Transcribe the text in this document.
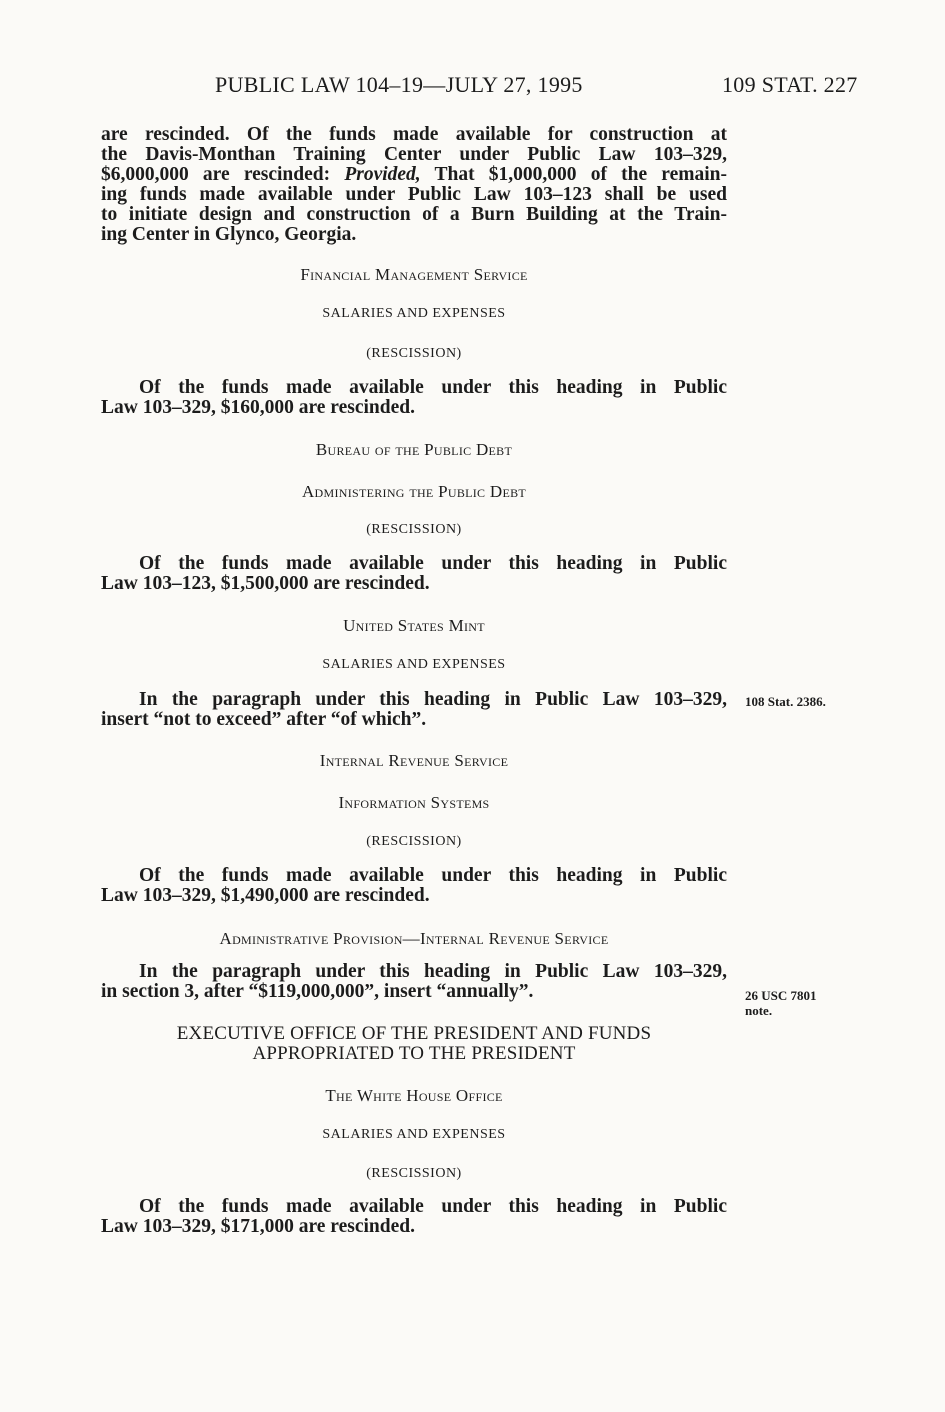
PUBLIC LAW 104–19—JULY 27, 1995	109 STAT. 227

are rescinded. Of the funds made available for construction at
the Davis-Monthan Training Center under Public Law 103–329,
$6,000,000 are rescinded: Provided, That $1,000,000 of the remain-
ing funds made available under Public Law 103–123 shall be used
to initiate design and construction of a Burn Building at the Train-
ing Center in Glynco, Georgia.

Financial Management Service
SALARIES AND EXPENSES
(RESCISSION)

Of the funds made available under this heading in Public

Law 103–329, $160,000 are rescinded.

Bureau of the Public Debt
Administering the Public Debt
(RESCISSION)

Of the funds made available under this heading in Public

Law 103–123, $1,500,000 are rescinded.

United States Mint
SALARIES AND EXPENSES

In the paragraph under this heading in Public Law 103–329,

insert “not to exceed” after “of which”.

108 Stat. 2386.
Internal Revenue Service
Information Systems
(RESCISSION)

Of the funds made available under this heading in Public

Law 103–329, $1,490,000 are rescinded.

Administrative Provision—Internal Revenue Service

In the paragraph under this heading in Public Law 103–329,

in section 3, after “$119,000,000”, insert “annually”.	26 USC 7801
note.
EXECUTIVE OFFICE OF THE PRESIDENT AND FUNDS
APPROPRIATED TO THE PRESIDENT
The White House Office
SALARIES AND EXPENSES
(RESCISSION)

Of the funds made available under this heading in Public

Law 103–329, $171,000 are rescinded.
